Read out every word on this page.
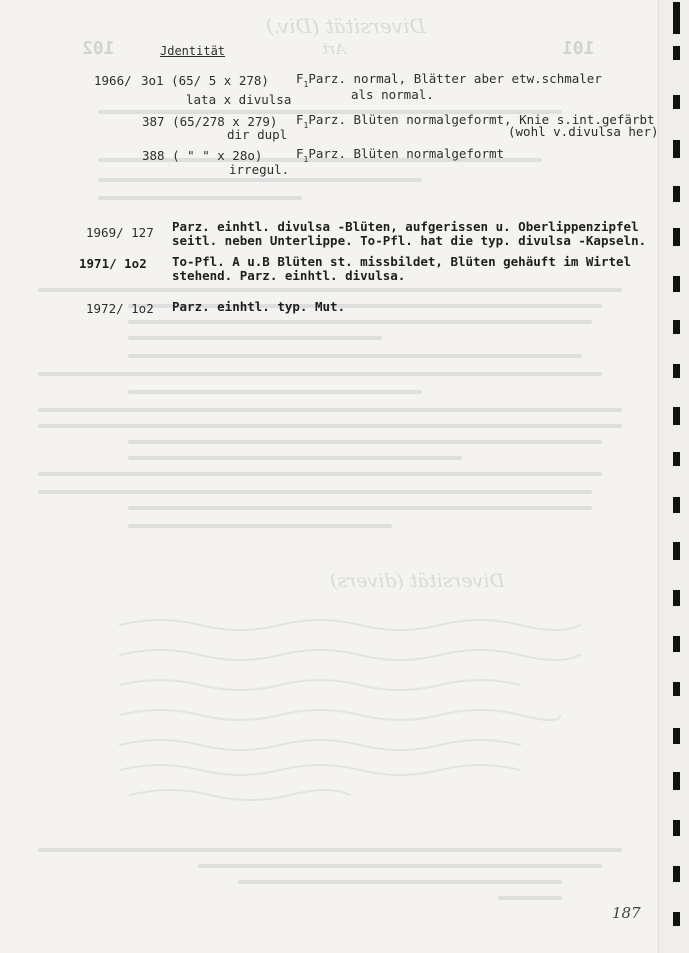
102	101
Diversität (Div.)
Art
Diversität (divers)
Jdentität
1966/ 3o1 (65/ 5 x 278)
lata x divulsa
$F_1Parz$. normal, Blätter aber etw.schmaler
als normal.
387 (65/278 x 279)
dir dupl
$F_1Parz$. Blüten normalgeformt, Knie s.int.gefärbt
(wohl v.divulsa her)
388 ( " " x 28o)
irregul.
$F_1Parz$. Blüten normalgeformt
1969/ 127 Parz. einhtl. divulsa -Blüten, aufgerissen u. Oberlippenzipfel
seitl. neben Unterlippe. To-Pfl. hat die typ. divulsa -Kapseln.
1971/ 1o2 To-Pfl. A u.B Blüten st. missbildet, Blüten gehäuft im Wirtel
stehend. Parz. einhtl. divulsa.
1972/ 1o2 Parz. einhtl. typ. Mut.
187
